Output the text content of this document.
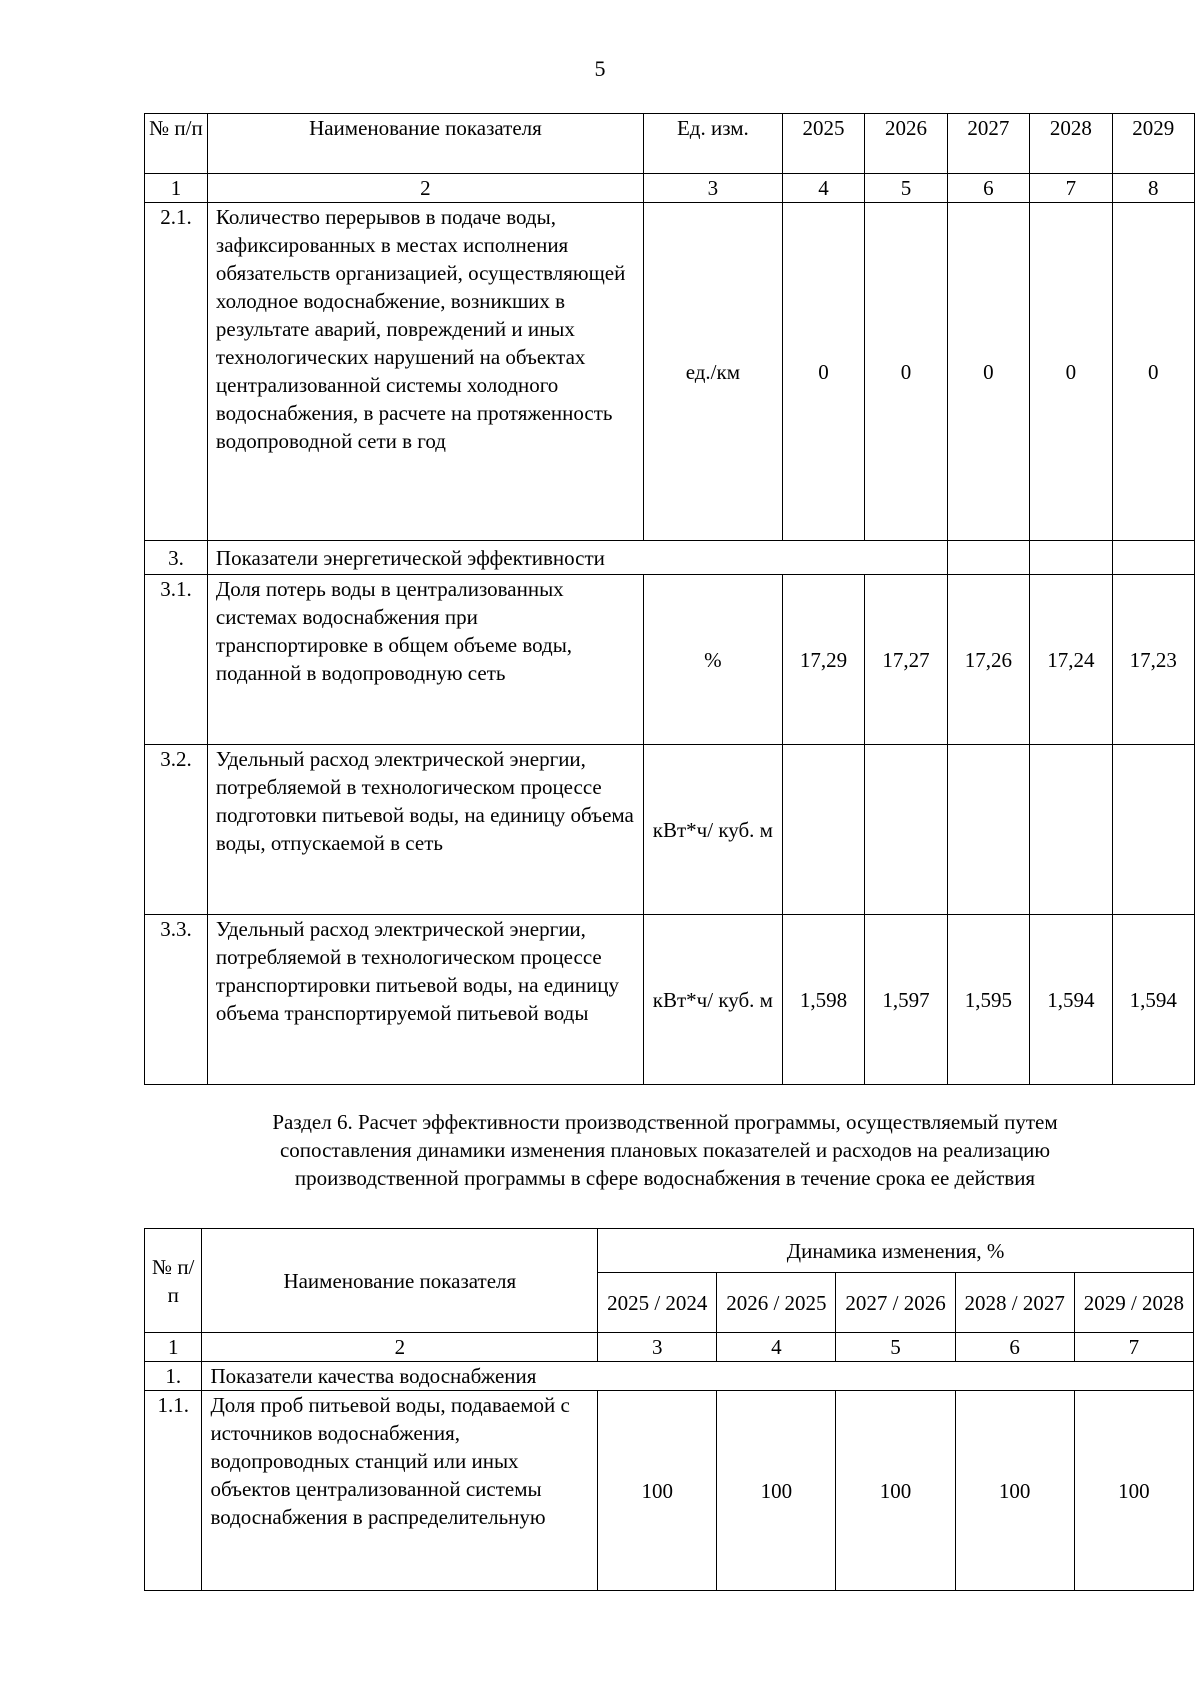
5
№ п/п	Наименование показателя	Ед. изм.	2025	2026	2027	2028	2029
1	2	3	4	5	6	7	8
2.1.	Количество перерывов в подаче воды, зафиксированных в местах исполнения обязательств организацией, осуществляющей холодное водоснабжение, возникших в результате аварий, повреждений и иных технологических нарушений на объектах централизованной системы холодного водоснабжения, в расчете на протяженность водопроводной сети в год	ед./км	0	0	0	0	0
3.	Показатели энергетической эффективности						
3.1.	Доля потерь воды в централизованных системах водоснабжения при транспортировке в общем объеме воды, поданной в водопроводную сеть	%	17,29	17,27	17,26	17,24	17,23
3.2.	Удельный расход электрической энергии, потребляемой в технологическом процессе подготовки питьевой воды, на единицу объема воды, отпускаемой в сеть	кВт*ч/ куб. м					
3.3.	Удельный расход электрической энергии, потребляемой в технологическом процессе транспортировки питьевой воды, на единицу объема транспортируемой питьевой воды	кВт*ч/ куб. м	1,598	1,597	1,595	1,594	1,594
Раздел 6. Расчет эффективности производственной программы, осуществляемый путем
сопоставления динамики изменения плановых показателей и расходов на реализацию
производственной программы в сфере водоснабжения в течение срока ее действия
№ п/п	Наименование показателя	Динамика изменения, %				
		2025 / 2024	2026 / 2025	2027 / 2026	2028 / 2027	2029 / 2028
1	2	3	4	5	6	7
1.	Показатели качества водоснабжения					
1.1.	Доля проб питьевой воды, подаваемой с источников водоснабжения, водопроводных станций или иных объектов централизованной системы водоснабжения в распределительную	100	100	100	100	100
